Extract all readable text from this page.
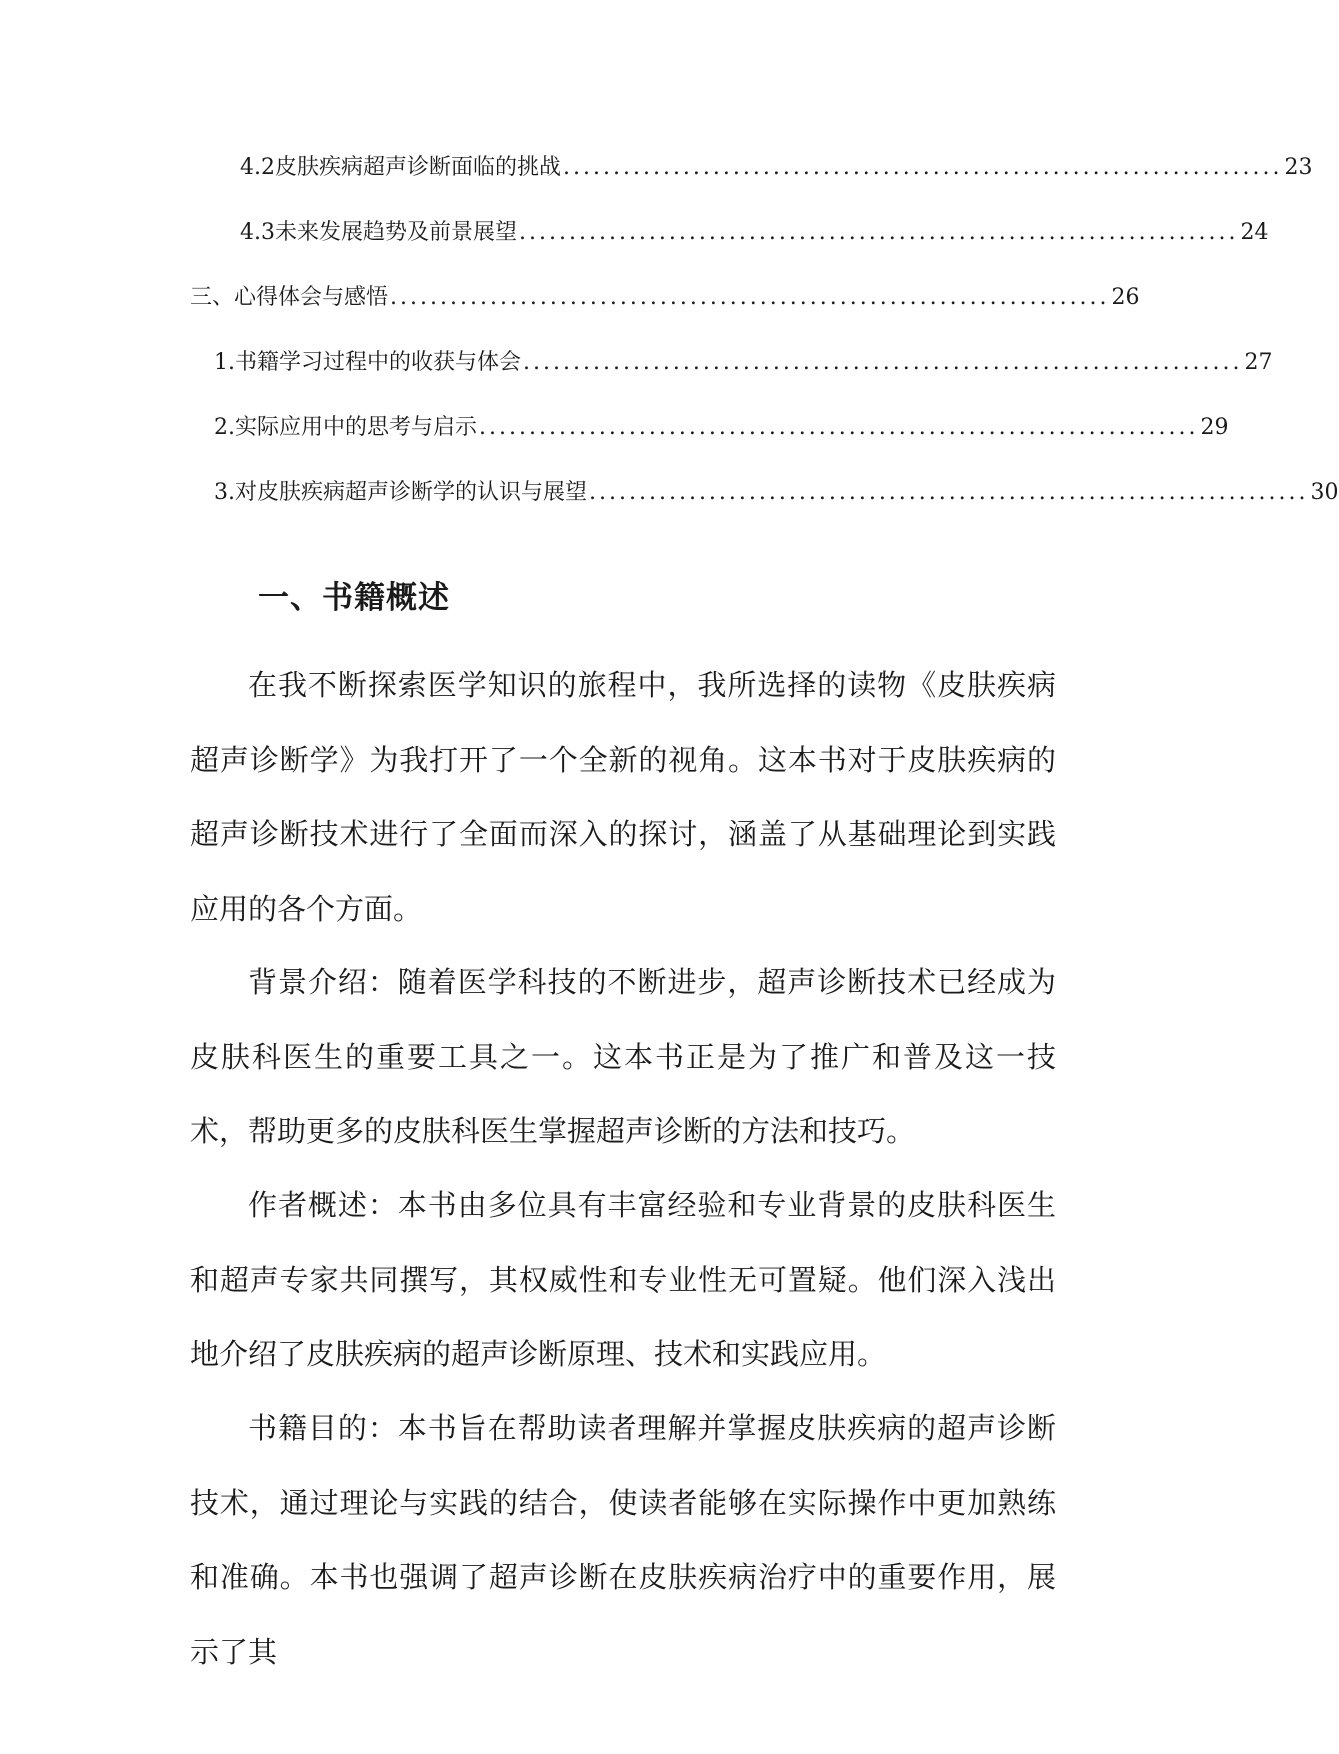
4.2 皮肤疾病超声诊断面临的挑战 ........................................................................ 23
4.3 未来发展趋势及前景展望 ........................................................................ 24
三、 心得体会与感悟 ........................................................................ 26
1. 书籍学习过程中的收获与体会 ........................................................................ 27
2. 实际应用中的思考与启示 ........................................................................ 29
3. 对皮肤疾病超声诊断学的认识与展望 ........................................................................ 30
一、书籍概述

在我不断探索医学知识的旅程中，我所选择的读物《皮肤疾病超声诊断学》为我打开了一个全新的视角。这本书对于皮肤疾病的超声诊断技术进行了全面而深入的探讨，涵盖了从基础理论到实践应用的各个方面。

背景介绍：随着医学科技的不断进步，超声诊断技术已经成为皮肤科医生的重要工具之一。这本书正是为了推广和普及这一技术，帮助更多的皮肤科医生掌握超声诊断的方法和技巧。

作者概述：本书由多位具有丰富经验和专业背景的皮肤科医生和超声专家共同撰写，其权威性和专业性无可置疑。他们深入浅出地介绍了皮肤疾病的超声诊断原理、技术和实践应用。

书籍目的：本书旨在帮助读者理解并掌握皮肤疾病的超声诊断技术，通过理论与实践的结合，使读者能够在实际操作中更加熟练和准确。本书也强调了超声诊断在皮肤疾病治疗中的重要作用，展示了其
